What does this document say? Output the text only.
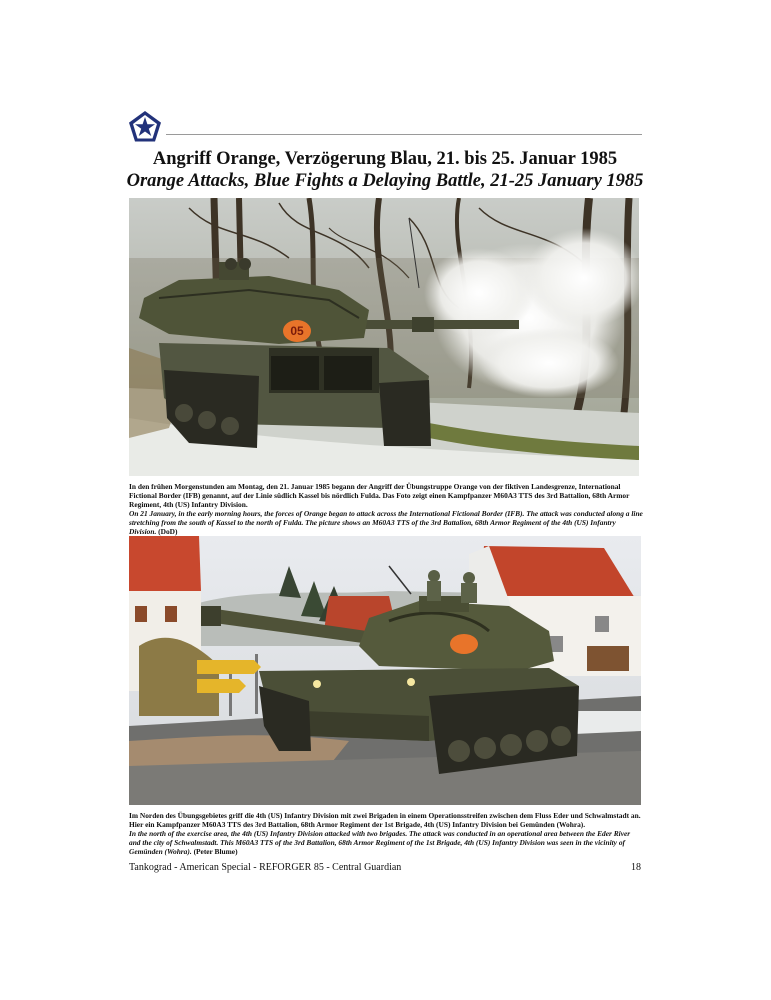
Angriff Orange, Verzögerung Blau, 21. bis 25. Januar 1985
Orange Attacks, Blue Fights a Delaying Battle, 21-25 January 1985
05

In den frühen Morgenstunden am Montag, den 21. Januar 1985 begann der Angriff der Übungstruppe Orange von der fiktiven Landesgrenze, International Fictional Border (IFB) genannt, auf der Linie südlich Kassel bis nördlich Fulda. Das Foto zeigt einen Kampfpanzer M60A3 TTS des 3rd Battalion, 68th Armor Regiment, 4th (US) Infantry Division.

On 21 January, in the early morning hours, the forces of Orange began to attack across the International Fictional Border (IFB). The attack was conducted along a line stretching from the south of Kassel to the north of Fulda. The picture shows an M60A3 TTS of the 3rd Battalion, 68th Armor Regiment of the 4th (US) Infantry Division. (DoD)

Im Norden des Übungsgebietes griff die 4th (US) Infantry Division mit zwei Brigaden in einem Operationsstreifen zwischen dem Fluss Eder und Schwalmstadt an. Hier ein Kampfpanzer M60A3 TTS des 3rd Battalion, 68th Armor Regiment der 1st Brigade, 4th (US) Infantry Division bei Gemünden (Wohra).

In the north of the exercise area, the 4th (US) Infantry Division attacked with two brigades. The attack was conducted in an operational area between the Eder River and the city of Schwalmstadt. This M60A3 TTS of the 3rd Battalion, 68th Armor Regiment of the 1st Brigade, 4th (US) Infantry Division was seen in the vicinity of Gemünden (Wohra). (Peter Blume)

Tankograd - American Special - REFORGER 85 - Central Guardian	18
